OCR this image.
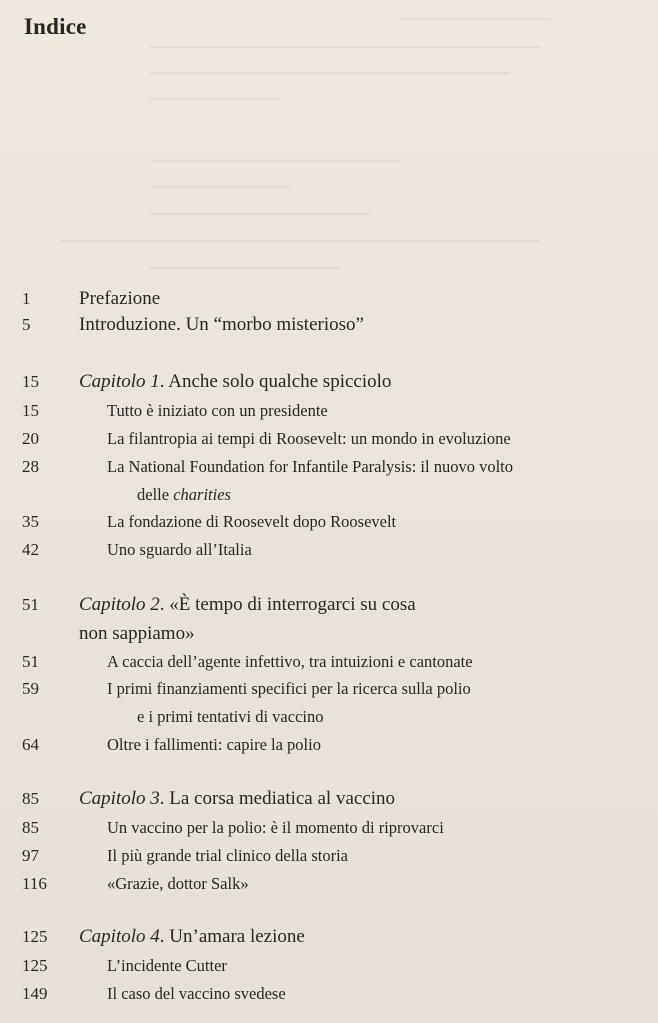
Indice
1	Prefazione
5	Introduzione. Un “morbo misterioso”
15	Capitolo 1. Anche solo qualche spicciolo
15	Tutto è iniziato con un presidente
20	La filantropia ai tempi di Roosevelt: un mondo in evoluzione
28	La National Foundation for Infantile Paralysis: il nuovo volto
delle charities
35	La fondazione di Roosevelt dopo Roosevelt
42	Uno sguardo all’Italia
51	Capitolo 2. «È tempo di interrogarci su cosa
non sappiamo»
51	A caccia dell’agente infettivo, tra intuizioni e cantonate
59	I primi finanziamenti specifici per la ricerca sulla polio
e i primi tentativi di vaccino
64	Oltre i fallimenti: capire la polio
85	Capitolo 3. La corsa mediatica al vaccino
85	Un vaccino per la polio: è il momento di riprovarci
97	Il più grande trial clinico della storia
116	«Grazie, dottor Salk»
125	Capitolo 4. Un’amara lezione
125	L’incidente Cutter
149	Il caso del vaccino svedese
